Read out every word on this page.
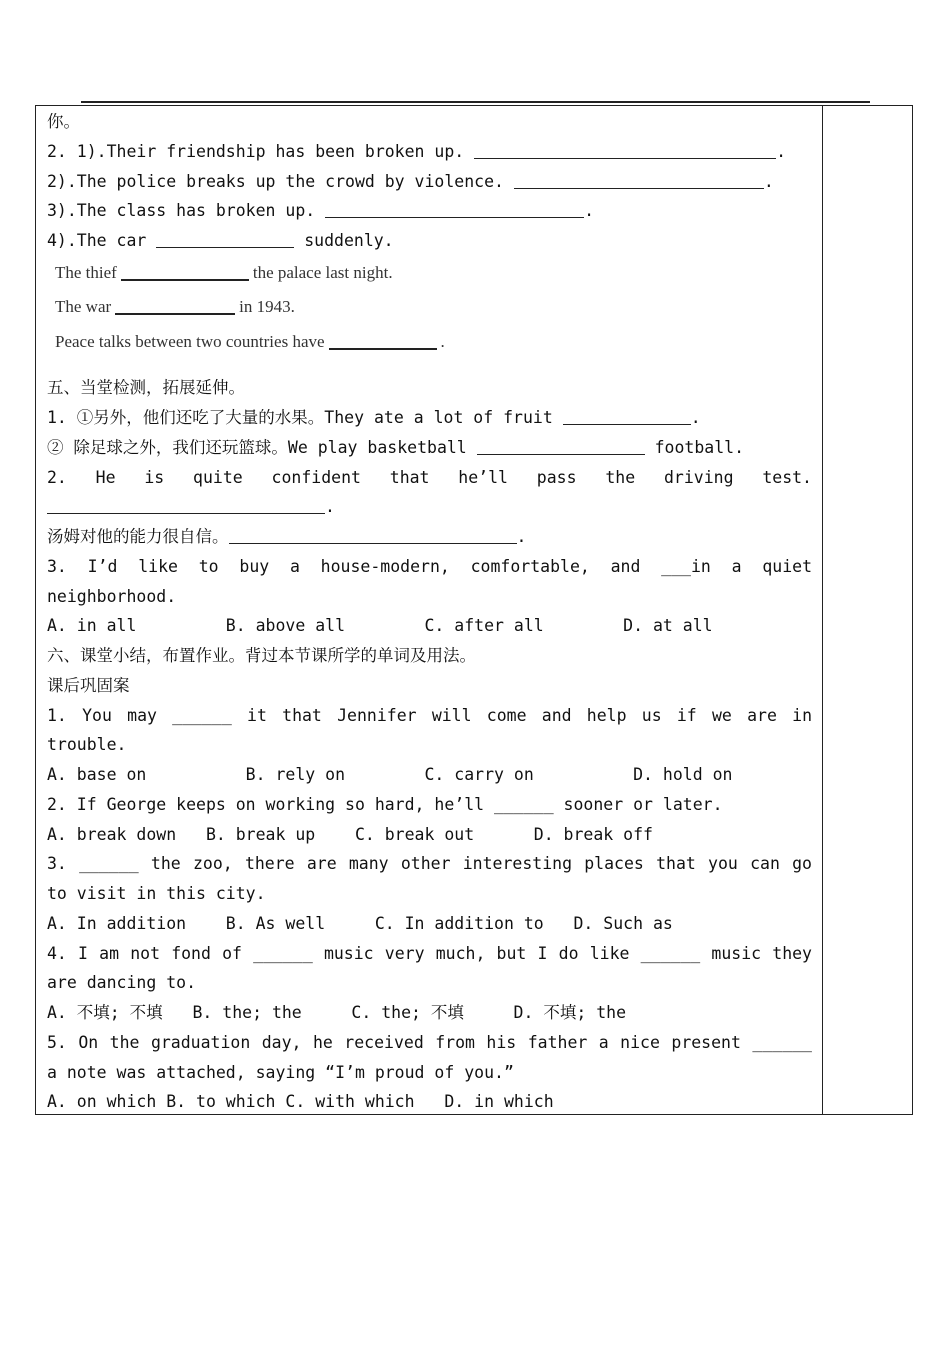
你。
2. 1).Their friendship has been broken up.	.
2).The police breaks up the crowd by violence.	.
3).The class has broken up.	.
4).The car	suddenly.
The thief	the palace last night.
The war	in 1943.
Peace talks between two countries have	.
五、当堂检测，拓展延伸。
1. ①另外，他们还吃了大量的水果。They ate a lot of fruit	.
② 除足球之外，我们还玩篮球。We play basketball	football.
2. He is quite confident that he’ll pass the driving test.
.
汤姆对他的能力很自信。	.
3. I’d like to buy a house-modern, comfortable, and ___in a quiet
neighborhood.
A. in all         B. above all        C. after all        D. at all
六、课堂小结，布置作业。背过本节课所学的单词及用法。
课后巩固案
1. You may ______ it that Jennifer will come and help us if we are in
trouble.
A. base on          B. rely on        C. carry on          D. hold on
2. If George keeps on working so hard, he’ll ______ sooner or later.
A. break down   B. break up    C. break out      D. break off
3. ______ the zoo, there are many other interesting places that you can go
to visit in this city.
A. In addition    B. As well     C. In addition to   D. Such as
4. I am not fond of ______ music very much, but I do like ______ music they
are dancing to.
A. 不填; 不填   B. the; the     C. the; 不填     D. 不填; the
5. On the graduation day, he received from his father a nice present ______
a note was attached, saying “I’m proud of you.”
A. on which B. to which C. with which   D. in which
